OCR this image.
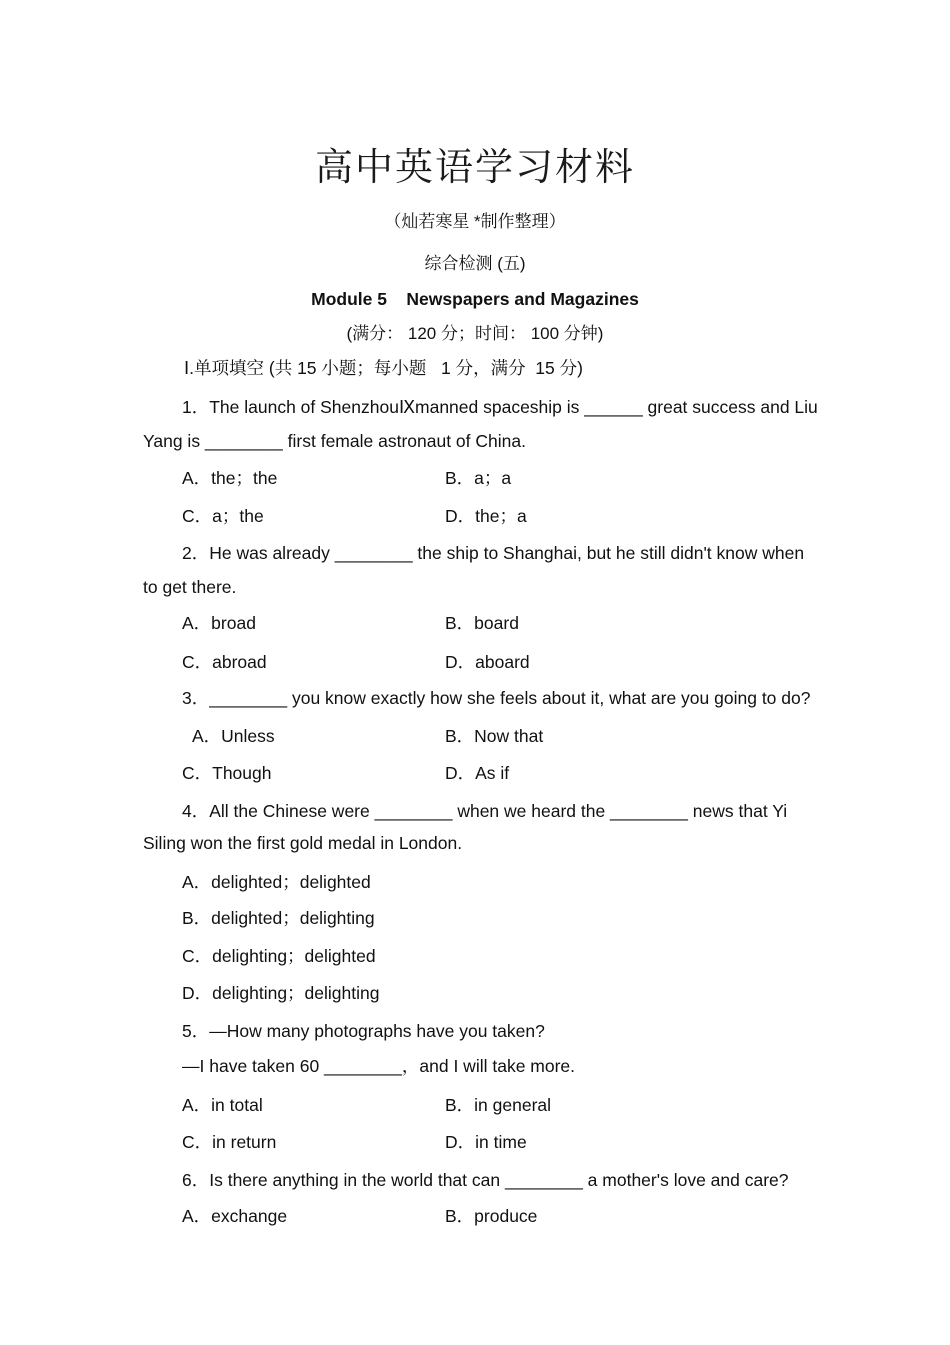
高中英语学习材料
（灿若寒星 *制作整理）
综合检测 (五)
Module 5    Newspapers and Magazines
(满分： 120 分；时间： 100 分钟)
Ⅰ.单项填空 (共 15 小题；每小题   1 分，满分  15 分)
1．The launch of ShenzhouⅨmanned spaceship is ______ great success and Liu
Yang is ________ first female astronaut of China.
A．the；the	B．a；a
C．a；the	D．the；a
2．He was already ________ the ship to Shanghai, but he still didn't know when
to get there.
A．broad	B．board
C．abroad	D．aboard
3．________ you know exactly how she feels about it, what are you going to do?
A．Unless	B．Now that
C．Though	D．As if
4．All the Chinese were ________ when we heard the ________ news that Yi
Siling won the first gold medal in London.
A．delighted；delighted
B．delighted；delighting
C．delighting；delighted
D．delighting；delighting
5．—How many photographs have you taken?
—I have taken 60 ________，and I will take more.
A．in total	B．in general
C．in return	D．in time
6．Is there anything in the world that can ________ a mother's love and care?
A．exchange	B．produce
